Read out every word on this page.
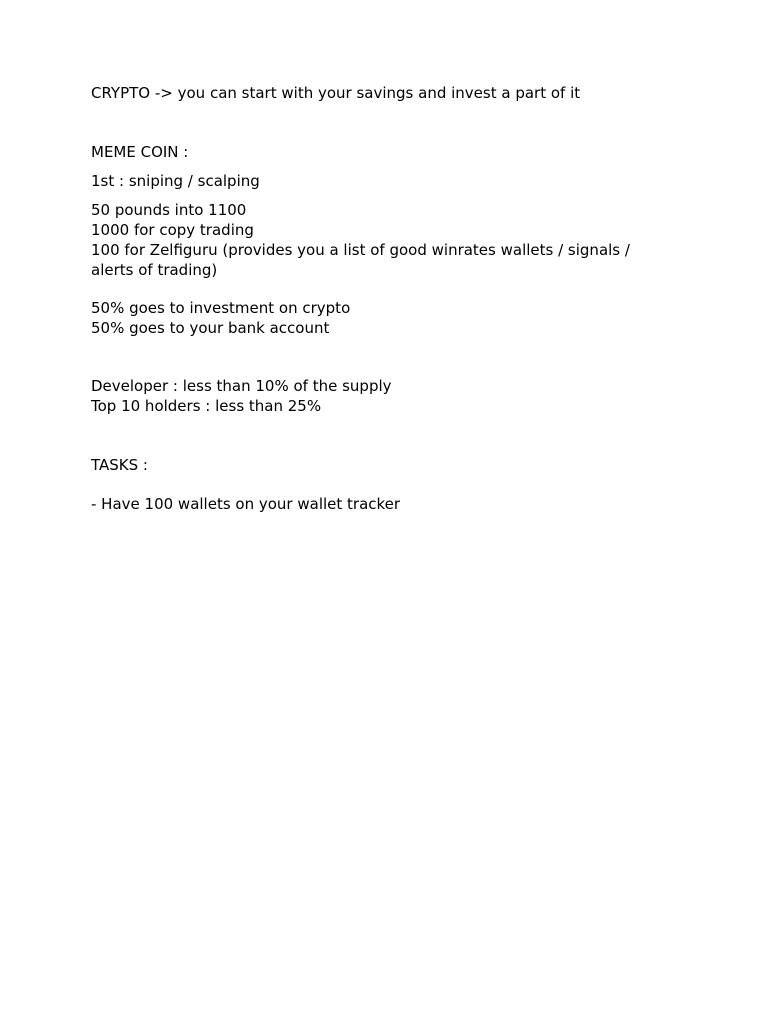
CRYPTO -> you can start with your savings and invest a part of it

MEME COIN :

1st : sniping / scalping

50 pounds into 1100

1000 for copy trading

100 for Zelfiguru (provides you a list of good winrates wallets / signals / alerts of trading)

50% goes to investment on crypto

50% goes to your bank account

Developer : less than 10% of the supply

Top 10 holders : less than 25%

TASKS :

- Have 100 wallets on your wallet tracker
